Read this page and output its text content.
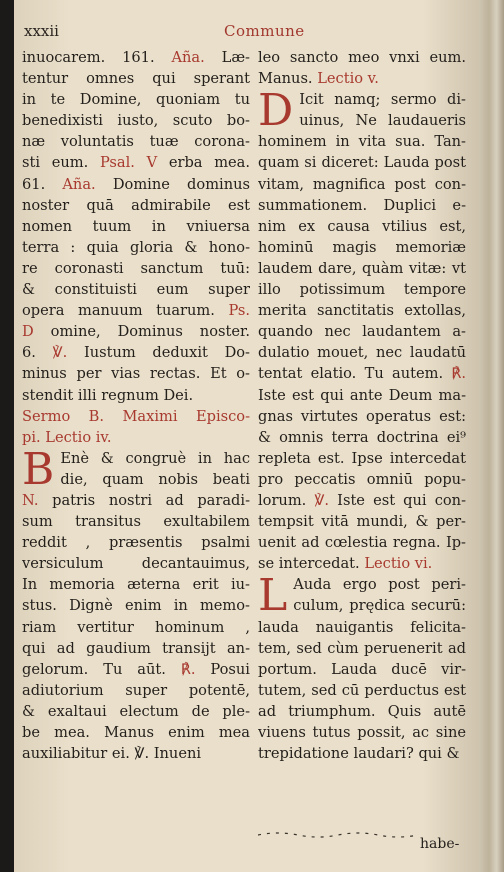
xxxii	Commune
inuocarem. 161. Aña. Læ-
tentur omnes qui sperant
in te Domine, quoniam tu
benedixisti iusto, scuto bo-
næ voluntatis tuæ corona-
sti eum. Psal. V erba mea.
61. Aña. Domine dominus
noster quā admirabile est
nomen tuum in vniuersa
terra : quia gloria & hono-
re coronasti sanctum tuū:
& constituisti eum super
opera manuum tuarum. Ps.
D omine, Dominus noster.
6. ℣. Iustum deduxit Do-
minus per vias rectas. Et o-
stendit illi regnum Dei.
Sermo B. Maximi Episco-
pi. Lectio iv.
B Enè & congruè in hac
die, quam nobis beati
N. patris nostri ad paradi-
sum transitus exultabilem
reddit , præsentis psalmi
versiculum decantauimus,
In memoria æterna erit iu-
stus. Dignè enim in memo-
riam vertitur hominum ,
qui ad gaudium transijt an-
gelorum. Tu aūt. ℟. Posui
adiutorium super potentē,
& exaltaui electum de ple-
be mea. Manus enim mea
auxiliabitur ei. ℣. Inueni
leo sancto meo vnxi eum.
Manus. Lectio v.
D Icit namq; sermo di-
uinus, Ne laudaueris
hominem in vita sua. Tan-
quam si diceret: Lauda post
vitam, magnifica post con-
summationem. Duplici e-
nim ex causa vtilius est,
hominū magis memoriæ
laudem dare, quàm vitæ: vt
illo potissimum tempore
merita sanctitatis extollas,
quando nec laudantem a-
dulatio mouet, nec laudatū
tentat elatio. Tu autem. ℟.
Iste est qui ante Deum ma-
gnas virtutes operatus est:
& omnis terra doctrina ei⁹
repleta est. Ipse intercedat
pro peccatis omniū popu-
lorum. ℣. Iste est qui con-
tempsit vitā mundi, & per-
uenit ad cœlestia regna. Ip-
se intercedat. Lectio vi.
L Auda ergo post peri-
culum, prędica securū:
lauda nauigantis felicita-
tem, sed cùm peruenerit ad
portum. Lauda ducē vir-
tutem, sed cū perductus est
ad triumphum. Quis autē
viuens tutus possit, ac sine
trepidatione laudari? qui &
habe-
